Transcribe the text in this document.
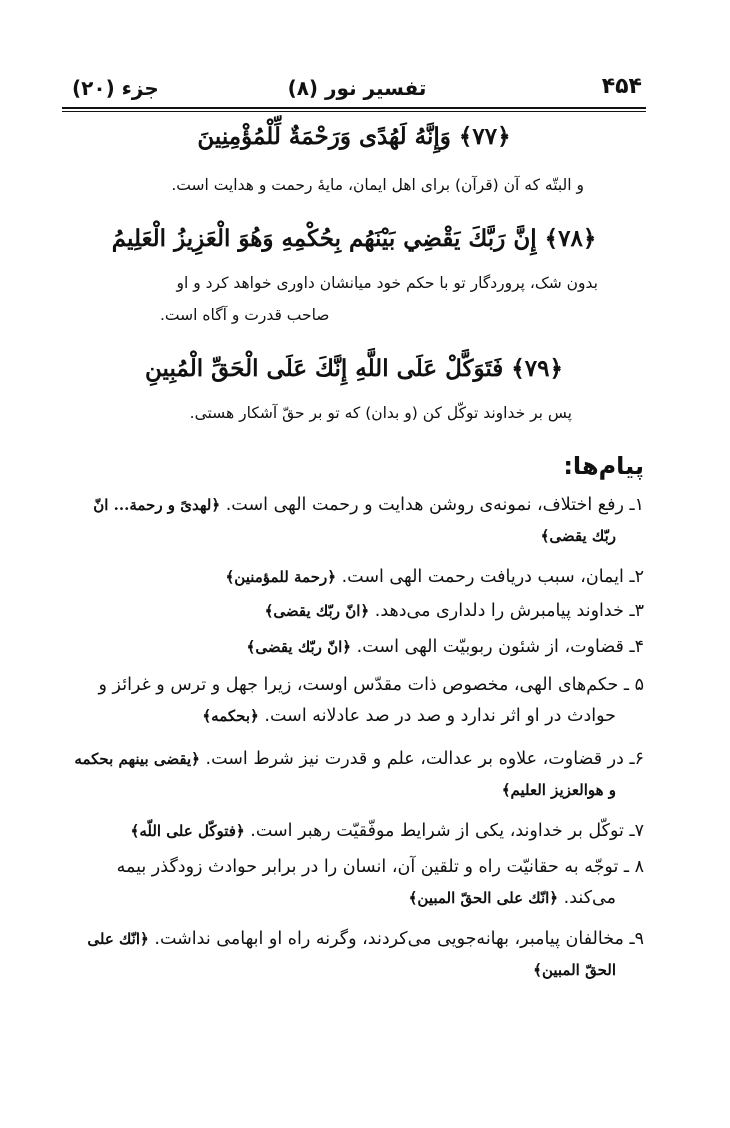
۴۵۴
تفسیر نور (۸)
جزء (۲۰)
﴿۷۷﴾ وَإِنَّهُ لَهُدًى وَرَحْمَةٌ لِّلْمُؤْمِنِينَ
و البتّه که آن (قرآن) برای اهل ایمان، مایهٔ رحمت و هدایت است.
﴿۷۸﴾ إِنَّ رَبَّكَ يَقْضِي بَيْنَهُم بِحُكْمِهِ وَهُوَ الْعَزِيزُ الْعَلِيمُ
بدون شک، پروردگار تو با حکم خود میانشان داوری خواهد کرد و او
صاحب قدرت و آگاه است.
﴿۷۹﴾ فَتَوَكَّلْ عَلَى اللَّهِ إِنَّكَ عَلَى الْحَقِّ الْمُبِينِ
پس بر خداوند توکّل کن (و بدان) که تو بر حقّ آشکار هستی.
پیام‌ها:
۱ـ رفع اختلاف، نمونه‌ی روشن هدایت و رحمت الهی است. ﴿لهدیً و رحمة... انّ
ربّك یقضی﴾
۲ـ ایمان، سبب دریافت رحمت الهی است. ﴿رحمة للمؤمنین﴾
۳ـ خداوند پیامبرش را دلداری می‌دهد. ﴿انّ ربّك یقضی﴾
۴ـ قضاوت، از شئون ربوبیّت الهی است. ﴿انّ ربّك یقضی﴾
۵ ـ حکم‌های الهی، مخصوص ذات مقدّس اوست، زیرا جهل و ترس و غرائز و
حوادث در او اثر ندارد و صد در صد عادلانه است. ﴿بحکمه﴾
۶ـ در قضاوت، علاوه بر عدالت، علم و قدرت نیز شرط است. ﴿یقضی بینهم بحکمه
و هوالعزیز العلیم﴾
۷ـ توکّل بر خداوند، یکی از شرایط موفّقیّت رهبر است. ﴿فتوکّل علی اللّه﴾
۸ ـ توجّه به حقانیّت راه و تلقین آن، انسان را در برابر حوادث زودگذر بیمه
می‌کند. ﴿انّك علی الحقّ المبین﴾
۹ـ مخالفان پیامبر، بهانه‌جویی می‌کردند، وگرنه راه او ابهامی نداشت. ﴿انّك علی
الحقّ المبین﴾
